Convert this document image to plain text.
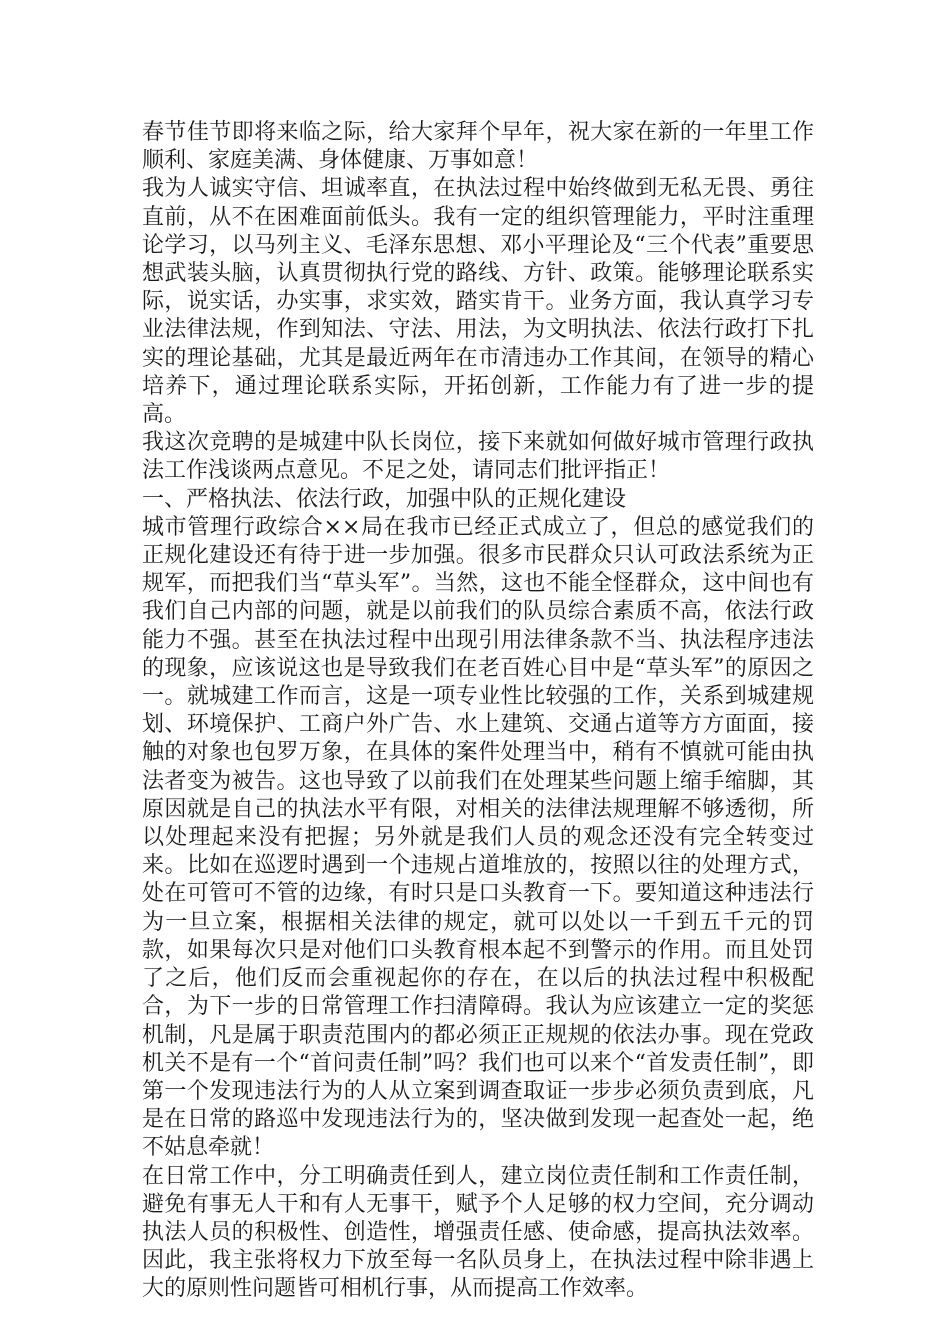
春节佳节即将来临之际，给大家拜个早年，祝大家在新的一年里工作顺利、家庭美满、身体健康、万事如意！

我为人诚实守信、坦诚率直，在执法过程中始终做到无私无畏、勇往直前，从不在困难面前低头。我有一定的组织管理能力，平时注重理论学习，以马列主义、毛泽东思想、邓小平理论及“三个代表”重要思想武装头脑，认真贯彻执行党的路线、方针、政策。能够理论联系实际，说实话，办实事，求实效，踏实肯干。业务方面，我认真学习专业法律法规，作到知法、守法、用法，为文明执法、依法行政打下扎实的理论基础，尤其是最近两年在市清违办工作其间，在领导的精心培养下，通过理论联系实际，开拓创新，工作能力有了进一步的提高。

我这次竞聘的是城建中队长岗位，接下来就如何做好城市管理行政执法工作浅谈两点意见。不足之处，请同志们批评指正！

一、严格执法、依法行政，加强中队的正规化建设

城市管理行政综合××局在我市已经正式成立了，但总的感觉我们的正规化建设还有待于进一步加强。很多市民群众只认可政法系统为正规军，而把我们当“草头军”。当然，这也不能全怪群众，这中间也有我们自己内部的问题，就是以前我们的队员综合素质不高，依法行政能力不强。甚至在执法过程中出现引用法律条款不当、执法程序违法的现象，应该说这也是导致我们在老百姓心目中是“草头军”的原因之一。就城建工作而言，这是一项专业性比较强的工作，关系到城建规划、环境保护、工商户外广告、水上建筑、交通占道等方方面面，接触的对象也包罗万象，在具体的案件处理当中，稍有不慎就可能由执法者变为被告。这也导致了以前我们在处理某些问题上缩手缩脚，其原因就是自己的执法水平有限，对相关的法律法规理解不够透彻，所以处理起来没有把握；另外就是我们人员的观念还没有完全转变过来。比如在巡逻时遇到一个违规占道堆放的，按照以往的处理方式，处在可管可不管的边缘，有时只是口头教育一下。要知道这种违法行为一旦立案，根据相关法律的规定，就可以处以一千到五千元的罚款，如果每次只是对他们口头教育根本起不到警示的作用。而且处罚了之后，他们反而会重视起你的存在，在以后的执法过程中积极配合，为下一步的日常管理工作扫清障碍。我认为应该建立一定的奖惩机制，凡是属于职责范围内的都必须正正规规的依法办事。现在党政机关不是有一个“首问责任制”吗？我们也可以来个“首发责任制”，即第一个发现违法行为的人从立案到调查取证一步步必须负责到底，凡是在日常的路巡中发现违法行为的，坚决做到发现一起查处一起，绝不姑息牵就！

在日常工作中，分工明确责任到人，建立岗位责任制和工作责任制，避免有事无人干和有人无事干，赋予个人足够的权力空间，充分调动执法人员的积极性、创造性，增强责任感、使命感，提高执法效率。因此，我主张将权力下放至每一名队员身上，在执法过程中除非遇上大的原则性问题皆可相机行事，从而提高工作效率。
